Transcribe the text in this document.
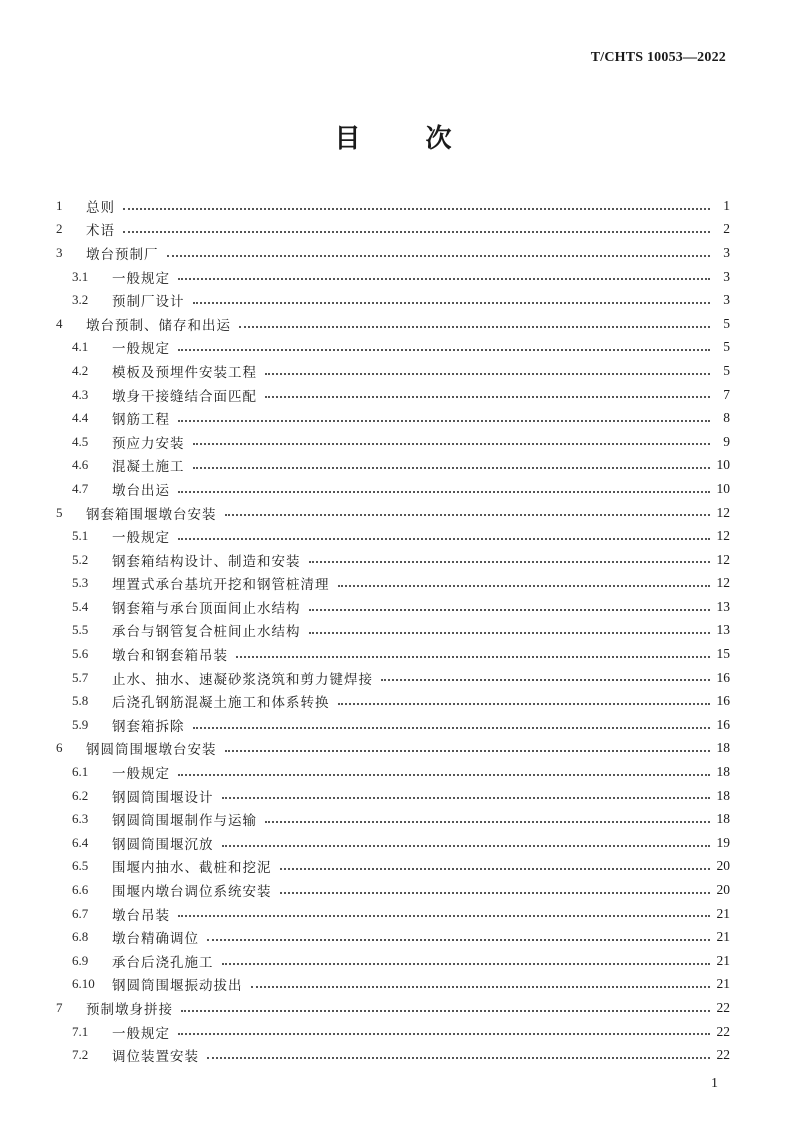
T/CHTS 10053—2022
目 次
1	总则	1
2	术语	2
3	墩台预制厂	3
3.1	一般规定	3
3.2	预制厂设计	3
4	墩台预制、储存和出运	5
4.1	一般规定	5
4.2	模板及预埋件安装工程	5
4.3	墩身干接缝结合面匹配	7
4.4	钢筋工程	8
4.5	预应力安装	9
4.6	混凝土施工	10
4.7	墩台出运	10
5	钢套箱围堰墩台安装	12
5.1	一般规定	12
5.2	钢套箱结构设计、制造和安装	12
5.3	埋置式承台基坑开挖和钢管桩清理	12
5.4	钢套箱与承台顶面间止水结构	13
5.5	承台与钢管复合桩间止水结构	13
5.6	墩台和钢套箱吊装	15
5.7	止水、抽水、速凝砂浆浇筑和剪力键焊接	16
5.8	后浇孔钢筋混凝土施工和体系转换	16
5.9	钢套箱拆除	16
6	钢圆筒围堰墩台安装	18
6.1	一般规定	18
6.2	钢圆筒围堰设计	18
6.3	钢圆筒围堰制作与运输	18
6.4	钢圆筒围堰沉放	19
6.5	围堰内抽水、截桩和挖泥	20
6.6	围堰内墩台调位系统安装	20
6.7	墩台吊装	21
6.8	墩台精确调位	21
6.9	承台后浇孔施工	21
6.10	钢圆筒围堰振动拔出	21
7	预制墩身拼接	22
7.1	一般规定	22
7.2	调位装置安装	22
1
